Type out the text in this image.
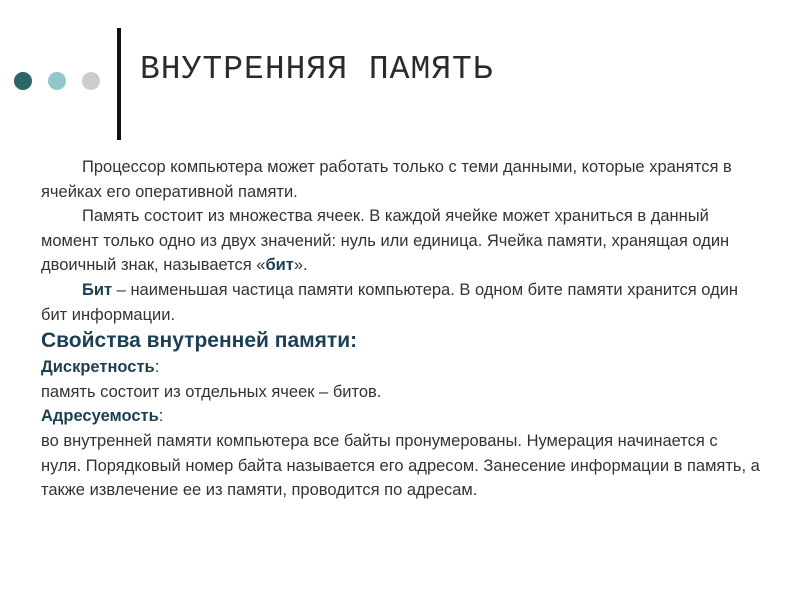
ВНУТРЕННЯЯ ПАМЯТЬ

Процессор компьютера может работать только с теми данными, которые хранятся в ячейках его оперативной памяти.

Память состоит из множества ячеек. В каждой ячейке может храниться в данный момент только одно из двух значений: нуль или единица. Ячейка памяти, хранящая один двоичный знак, называется «бит».

Бит – наименьшая частица памяти компьютера. В одном бите памяти хранится один бит информации.

Свойства внутренней памяти:

Дискретность:

память состоит из отдельных ячеек – битов.

Адресуемость:

во внутренней памяти компьютера все байты пронумерованы. Нумерация начинается с нуля. Порядковый номер байта называется его адресом. Занесение информации в память, а также извлечение ее из памяти, проводится по адресам.
